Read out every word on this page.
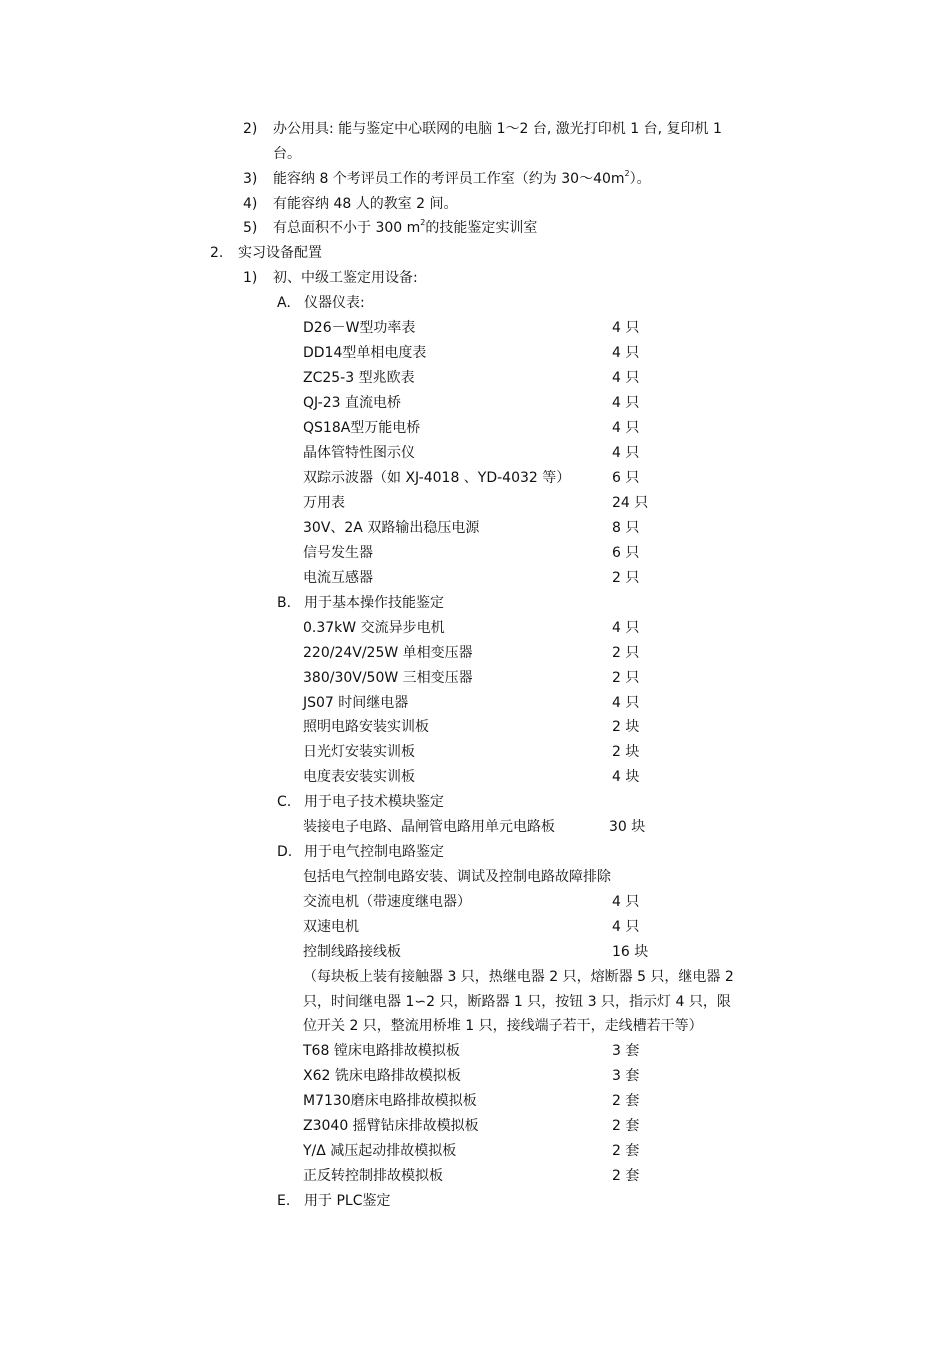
2) 办公用具: 能与鉴定中心联网的电脑 1～2 台, 激光打印机 1 台, 复印机 1
台。
3) 能容纳 8 个考评员工作的考评员工作室（约为 $30\sim 40m^2$）。
4) 有能容纳 48 人的教室 2 间。
5) 有总面积不小于 300 $m^2$的技能鉴定实训室
2. 实习设备配置
1) 初、中级工鉴定用设备:
A. 仪器仪表:
D26－W型功率表	4 只
DD14型单相电度表	4 只
ZC25-3 型兆欧表	4 只
QJ-23 直流电桥	4 只
QS18A型万能电桥	4 只
晶体管特性图示仪	4 只
双踪示波器（如 XJ-4018 、YD-4032 等）	6 只
万用表	24 只
30V、2A 双路输出稳压电源	8 只
信号发生器	6 只
电流互感器	2 只
B. 用于基本操作技能鉴定
0.37kW 交流异步电机	4 只
220/24V/25W 单相变压器	2 只
380/30V/50W 三相变压器	2 只
JS07 时间继电器	4 只
照明电路安装实训板	2 块
日光灯安装实训板	2 块
电度表安装实训板	4 块
C. 用于电子技术模块鉴定
装接电子电路、晶闸管电路用单元电路板	30 块
D. 用于电气控制电路鉴定
包括电气控制电路安装、调试及控制电路故障排除
交流电机（带速度继电器）	4 只
双速电机	4 只
控制线路接线板	16 块
（每块板上装有接触器 3 只，热继电器 2 只，熔断器 5 只，继电器 2
只，时间继电器 1∽2 只，断路器 1 只，按钮 3 只，指示灯 4 只，限
位开关 2 只，整流用桥堆 1 只，接线端子若干，走线槽若干等）
T68 镗床电路排故模拟板	3 套
X62 铣床电路排故模拟板	3 套
M7130磨床电路排故模拟板	2 套
Z3040 摇臂钻床排故模拟板	2 套
Y/Δ 减压起动排故模拟板	2 套
正反转控制排故模拟板	2 套
E. 用于 PLC鉴定
